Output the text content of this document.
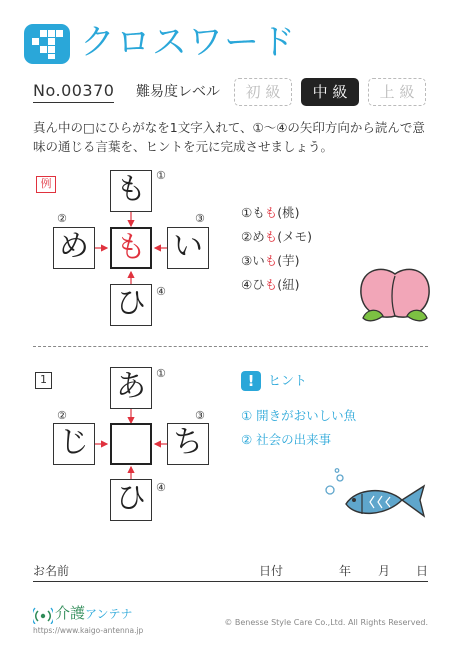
クロスワード
No.00370 難易度レベル	初 級	中 級	上 級
真ん中の□にひらがなを1文字入れて、①～④の矢印方向から読んで意味の通じる言葉を、ヒントを元に完成させましょう。
例 も
め も い
ひ
①
②	③
④
①もも(桃)
②めも(メモ)
③いも(芋)
④ひも(紐)
1 あ
じ	ち
ひ
①
②	③
④
!	ヒント
① 開きがおいしい魚
② 社会の出来事
お名前	日付	年 月 日
介護アンテナ
https://www.kaigo-antenna.jp
© Benesse Style Care Co.,Ltd. All Rights Reserved.
